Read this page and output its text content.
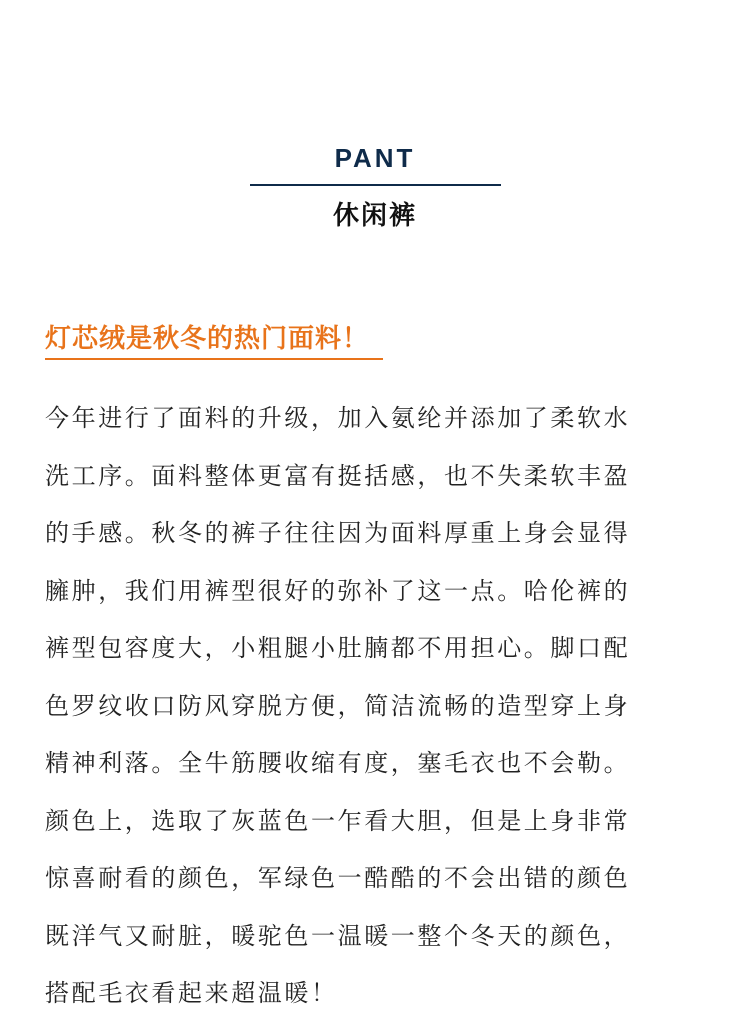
PANT
休闲裤
灯芯绒是秋冬的热门面料！
今年进行了面料的升级，加入氨纶并添加了柔软水
洗工序。面料整体更富有挺括感，也不失柔软丰盈
的手感。秋冬的裤子往往因为面料厚重上身会显得
臃肿，我们用裤型很好的弥补了这一点。哈伦裤的
裤型包容度大，小粗腿小肚腩都不用担心。脚口配
色罗纹收口防风穿脱方便，简洁流畅的造型穿上身
精神利落。全牛筋腰收缩有度，塞毛衣也不会勒。
颜色上，选取了灰蓝色一乍看大胆，但是上身非常
惊喜耐看的颜色，军绿色一酷酷的不会出错的颜色
既洋气又耐脏，暖驼色一温暖一整个冬天的颜色，
搭配毛衣看起来超温暖！
